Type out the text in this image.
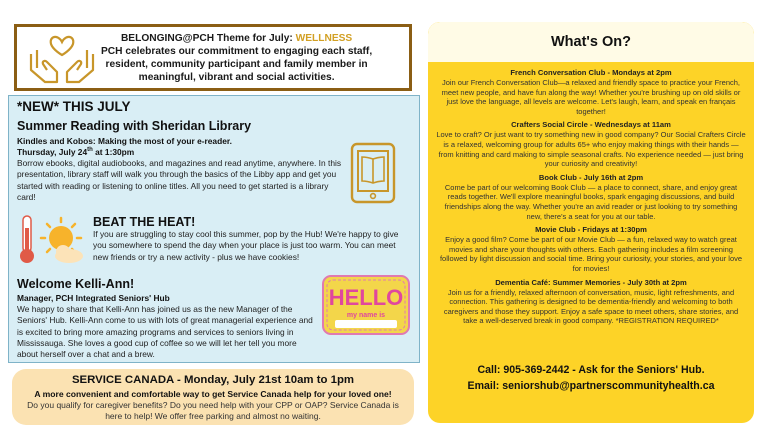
BELONGING@PCH Theme for July: WELLNESS
PCH celebrates our commitment to engaging each staff,
resident, community participant and family member in
meaningful, vibrant and social activities.
*NEW* THIS JULY
Summer Reading with Sheridan Library
Kindles and Kobos: Making the most of your e-reader.
Thursday, July 24th at 1:30pm
Borrow ebooks, digital audiobooks, and magazines and read anytime, anywhere. In this presentation, library staff will walk you through the basics of the Libby app and get you started with reading or listening to online titles. All you need to get started is a library card!
BEAT THE HEAT!
If you are struggling to stay cool this summer, pop by the Hub! We're happy to give you somewhere to spend the day when your place is just too warm. You can meet new friends or try a new activity - plus we have cookies!
Welcome Kelli-Ann!
Manager, PCH Integrated Seniors' Hub
We happy to share that Kelli-Ann has joined us as the new Manager of the Seniors' Hub. Kelli-Ann come to us with lots of great managerial experience and is excited to bring more amazing programs and services to seniors living in Mississauga. She loves a good cup of coffee so we will let her tell you more about herself over a chat and a brew.
HELLO
my name is
SERVICE CANADA - Monday, July 21st 10am to 1pm
A more convenient and comfortable way to get Service Canada help for your loved one!
Do you qualify for caregiver benefits? Do you need help with your CPP or OAP? Service Canada is here to help! We offer free parking and almost no waiting.
What's On?
French Conversation Club - Mondays at 2pm
Join our French Conversation Club—a relaxed and friendly space to practice your French, meet new people, and have fun along the way! Whether you're brushing up on old skills or just love the language, all levels are welcome. Let's laugh, learn, and speak en français together!
Crafters Social Circle - Wednesdays at 11am
Love to craft? Or just want to try something new in good company? Our Social Crafters Circle is a relaxed, welcoming group for adults 65+ who enjoy making things with their hands — from knitting and card making to simple seasonal crafts. No experience needed — just bring your curiosity and creativity!
Book Club - July 16th at 2pm
Come be part of our welcoming Book Club — a place to connect, share, and enjoy great reads together. We'll explore meaningful books, spark engaging discussions, and build friendships along the way. Whether you're an avid reader or just looking to try something new, there's a seat for you at our table.
Movie Club - Fridays at 1:30pm
Enjoy a good film? Come be part of our Movie Club — a fun, relaxed way to watch great movies and share your thoughts with others. Each gathering includes a film screening followed by light discussion and social time. Bring your curiosity, your stories, and your love for movies!
Dementia Café: Summer Memories - July 30th at 2pm
Join us for a friendly, relaxed afternoon of conversation, music, light refreshments, and connection. This gathering is designed to be dementia-friendly and welcoming to both caregivers and those they support. Enjoy a safe space to meet others, share stories, and take a well-deserved break in good company. *REGISTRATION REQUIRED*
Call: 905-369-2442 - Ask for the Seniors' Hub.
Email: seniorshub@partnerscommunityhealth.ca
